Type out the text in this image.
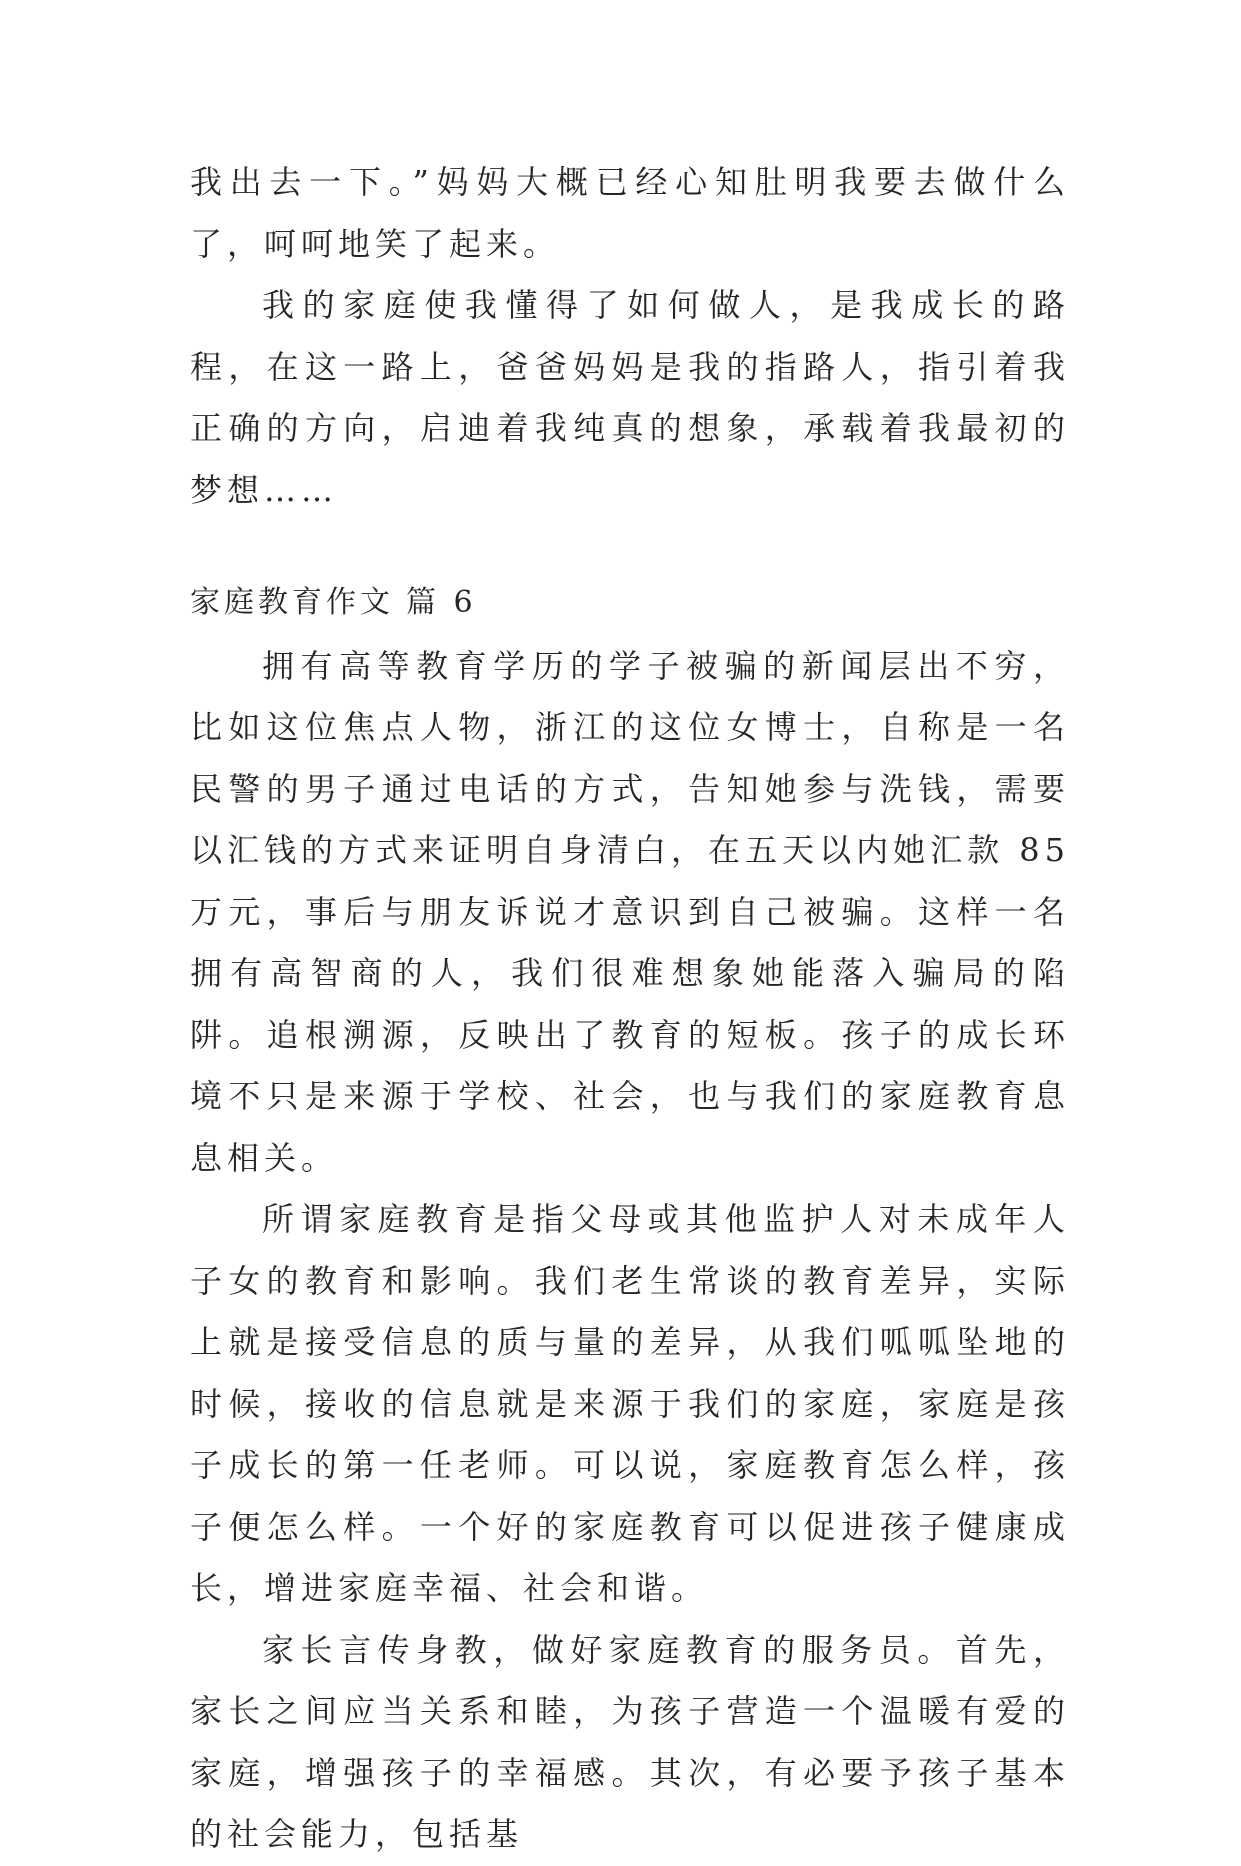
我出去一下。”妈妈大概已经心知肚明我要去做什么了，呵呵地笑了起来。

我的家庭使我懂得了如何做人，是我成长的路程，在这一路上，爸爸妈妈是我的指路人，指引着我正确的方向，启迪着我纯真的想象，承载着我最初的梦想……

家庭教育作文 篇 6

拥有高等教育学历的学子被骗的新闻层出不穷，比如这位焦点人物，浙江的这位女博士，自称是一名民警的男子通过电话的方式，告知她参与洗钱，需要以汇钱的方式来证明自身清白，在五天以内她汇款 85 万元，事后与朋友诉说才意识到自己被骗。这样一名拥有高智商的人，我们很难想象她能落入骗局的陷阱。追根溯源，反映出了教育的短板。孩子的成长环境不只是来源于学校、社会，也与我们的家庭教育息息相关。

所谓家庭教育是指父母或其他监护人对未成年人子女的教育和影响。我们老生常谈的教育差异，实际上就是接受信息的质与量的差异，从我们呱呱坠地的时候，接收的信息就是来源于我们的家庭，家庭是孩子成长的第一任老师。可以说，家庭教育怎么样，孩子便怎么样。一个好的家庭教育可以促进孩子健康成长，增进家庭幸福、社会和谐。

家长言传身教，做好家庭教育的服务员。首先，家长之间应当关系和睦，为孩子营造一个温暖有爱的家庭，增强孩子的幸福感。其次，有必要予孩子基本的社会能力，包括基
